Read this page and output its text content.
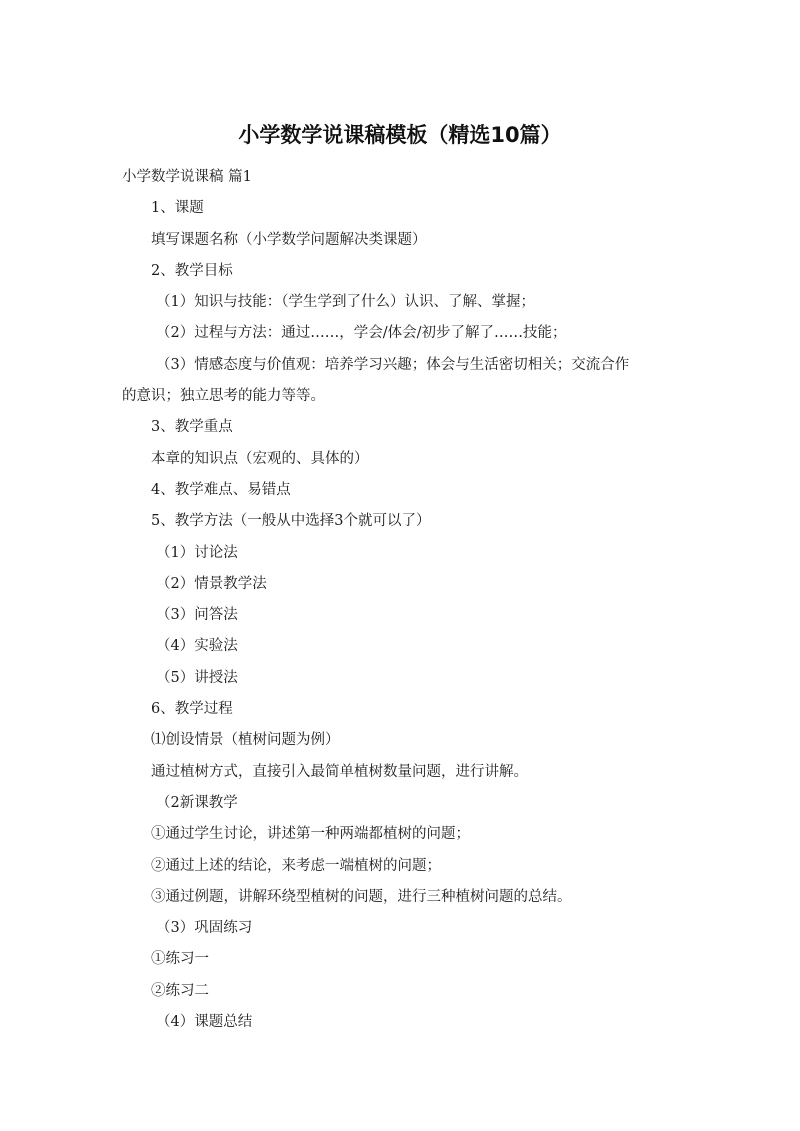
小学数学说课稿模板（精选10篇）
小学数学说课稿 篇1
1、课题
填写课题名称（小学数学问题解决类课题）
2、教学目标
（1）知识与技能：（学生学到了什么）认识、了解、掌握；
（2）过程与方法：通过……，学会/体会/初步了解了……技能；
（3）情感态度与价值观：培养学习兴趣；体会与生活密切相关；交流合作
的意识；独立思考的能力等等。
3、教学重点
本章的知识点（宏观的、具体的）
4、教学难点、易错点
5、教学方法（一般从中选择3个就可以了）
（1）讨论法
（2）情景教学法
（3）问答法
（4）实验法
（5）讲授法
6、教学过程
⑴创设情景（植树问题为例）
通过植树方式，直接引入最简单植树数量问题，进行讲解。
（2新课教学
①通过学生讨论，讲述第一种两端都植树的问题；
②通过上述的结论，来考虑一端植树的问题；
③通过例题，讲解环绕型植树的问题，进行三种植树问题的总结。
（3）巩固练习
①练习一
②练习二
（4）课题总结
